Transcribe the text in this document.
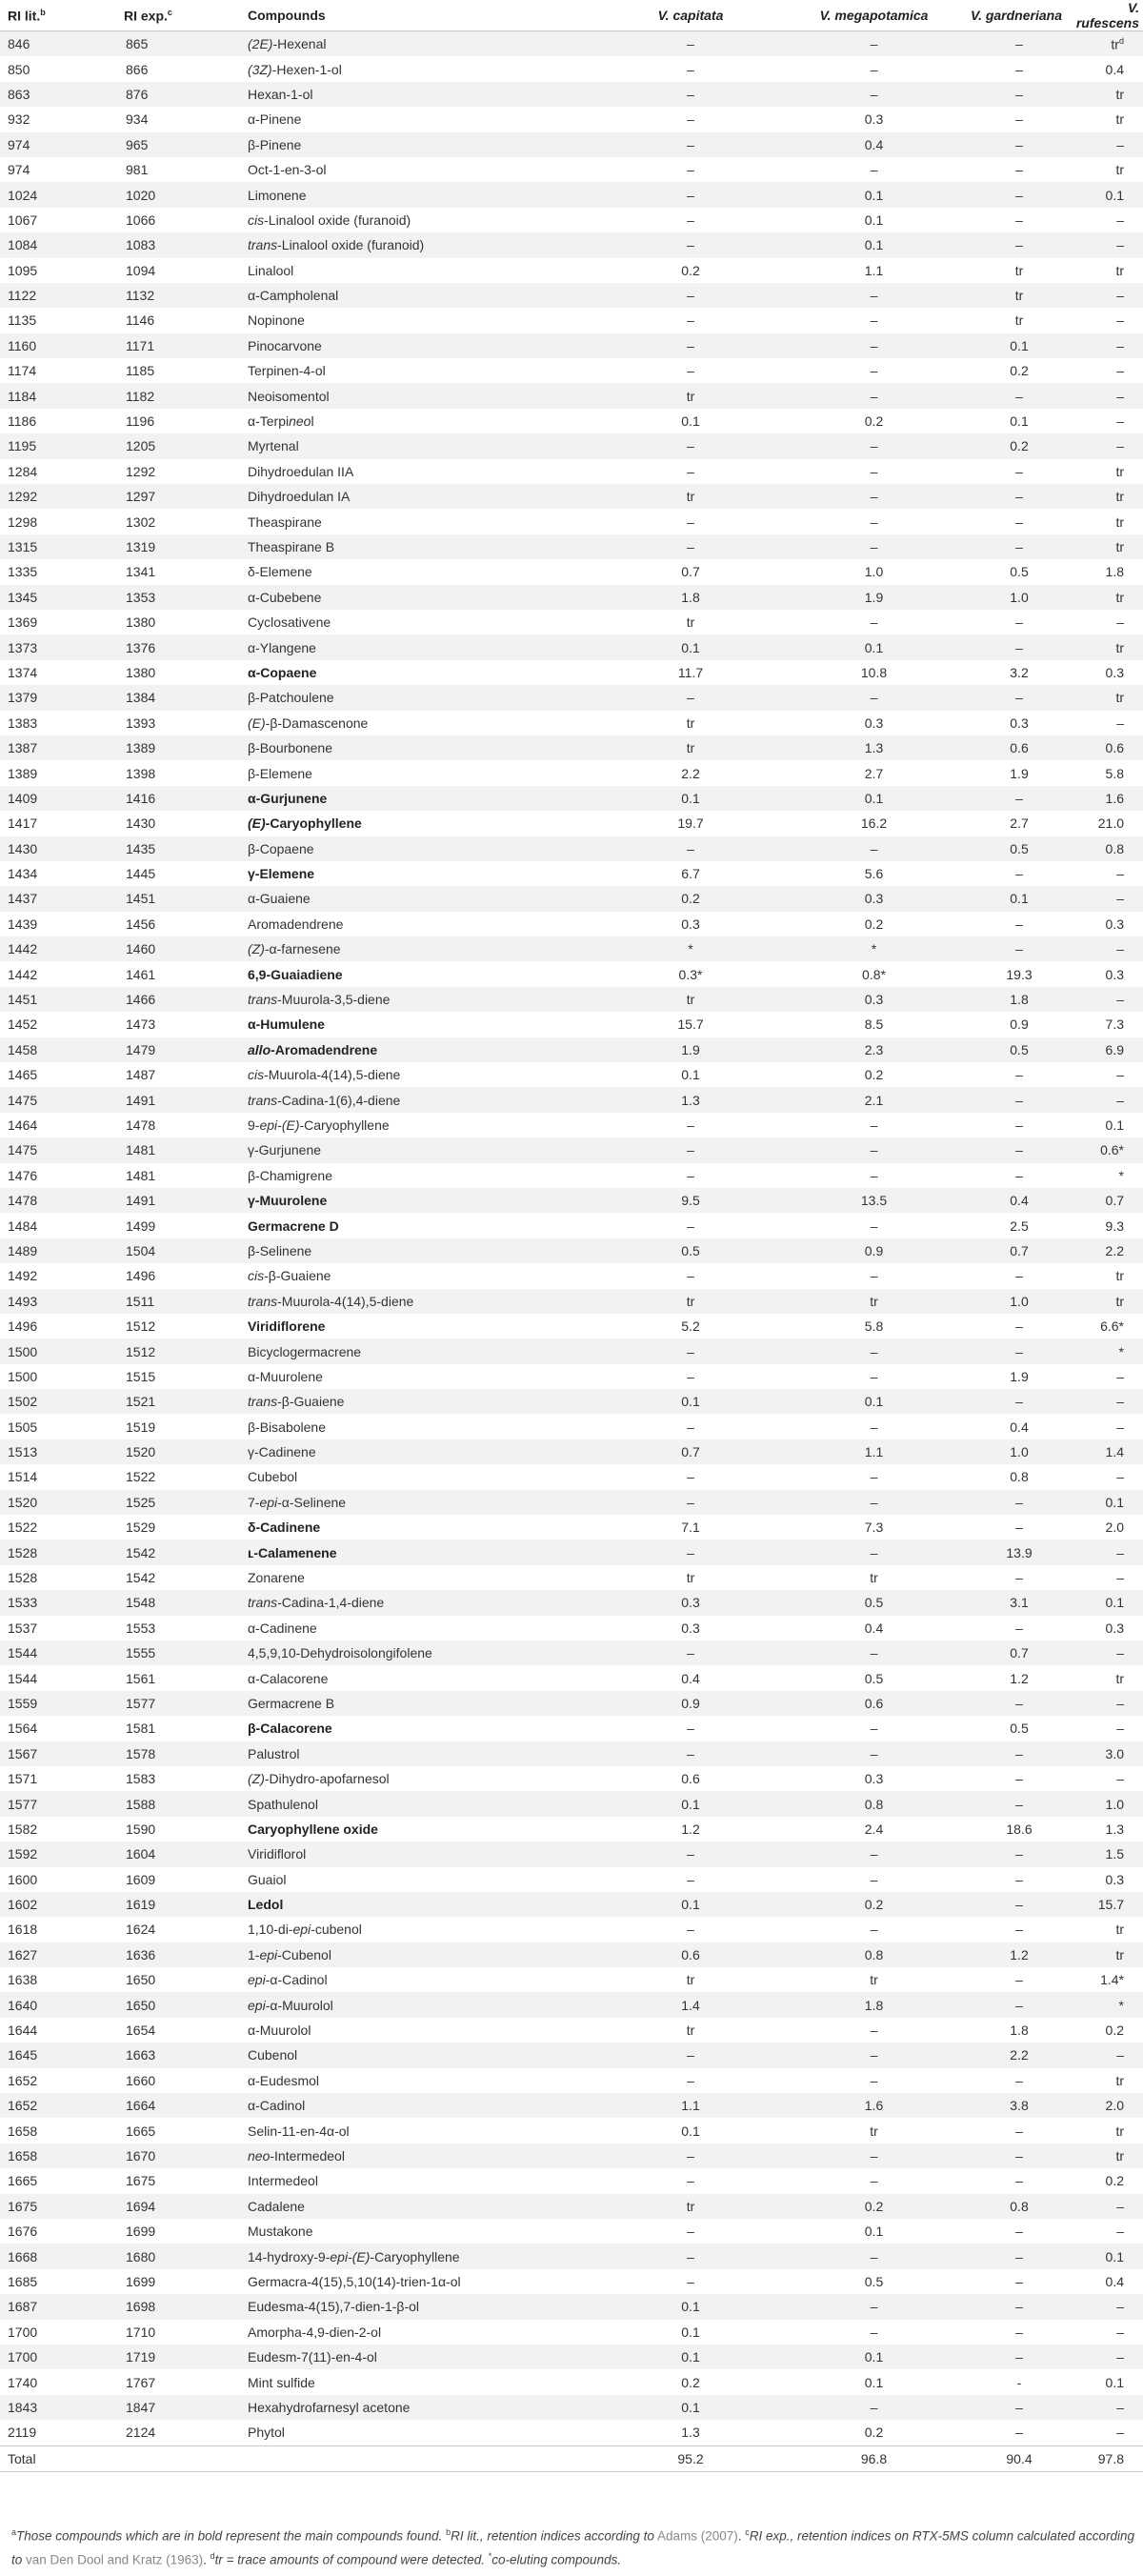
RI lit.$^b$	RI exp.$^c$	Compounds	V. capitata	V. megapotamica	V. gardneriana	V. rufescens
846	865	(2E)-Hexenal	–	–	–	$tr^d$
850	866	(3Z)-Hexen-1-ol	–	–	–	0.4
863	876	Hexan-1-ol	–	–	–	tr
932	934	α-Pinene	–	0.3	–	tr
974	965	β-Pinene	–	0.4	–	–
974	981	Oct-1-en-3-ol	–	–	–	tr
1024	1020	Limonene	–	0.1	–	0.1
1067	1066	cis-Linalool oxide (furanoid)	–	0.1	–	–
1084	1083	trans-Linalool oxide (furanoid)	–	0.1	–	–
1095	1094	Linalool	0.2	1.1	tr	tr
1122	1132	α-Campholenal	–	–	tr	–
1135	1146	Nopinone	–	–	tr	–
1160	1171	Pinocarvone	–	–	0.1	–
1174	1185	Terpinen-4-ol	–	–	0.2	–
1184	1182	Neoisomentol	tr	–	–	–
1186	1196	α-Terpineol	0.1	0.2	0.1	–
1195	1205	Myrtenal	–	–	0.2	–
1284	1292	Dihydroedulan IIA	–	–	–	tr
1292	1297	Dihydroedulan IA	tr	–	–	tr
1298	1302	Theaspirane	–	–	–	tr
1315	1319	Theaspirane B	–	–	–	tr
1335	1341	δ-Elemene	0.7	1.0	0.5	1.8
1345	1353	α-Cubebene	1.8	1.9	1.0	tr
1369	1380	Cyclosativene	tr	–	–	–
1373	1376	α-Ylangene	0.1	0.1	–	tr
1374	1380	α-Copaene	11.7	10.8	3.2	0.3
1379	1384	β-Patchoulene	–	–	–	tr
1383	1393	(E)-β-Damascenone	tr	0.3	0.3	–
1387	1389	β-Bourbonene	tr	1.3	0.6	0.6
1389	1398	β-Elemene	2.2	2.7	1.9	5.8
1409	1416	α-Gurjunene	0.1	0.1	–	1.6
1417	1430	(E)-Caryophyllene	19.7	16.2	2.7	21.0
1430	1435	β-Copaene	–	–	0.5	0.8
1434	1445	γ-Elemene	6.7	5.6	–	–
1437	1451	α-Guaiene	0.2	0.3	0.1	–
1439	1456	Aromadendrene	0.3	0.2	–	0.3
1442	1460	(Z)-α-farnesene	*	*	–	–
1442	1461	6,9-Guaiadiene	0.3*	0.8*	19.3	0.3
1451	1466	trans-Muurola-3,5-diene	tr	0.3	1.8	–
1452	1473	α-Humulene	15.7	8.5	0.9	7.3
1458	1479	allo-Aromadendrene	1.9	2.3	0.5	6.9
1465	1487	cis-Muurola-4(14),5-diene	0.1	0.2	–	–
1475	1491	trans-Cadina-1(6),4-diene	1.3	2.1	–	–
1464	1478	9-epi-(E)-Caryophyllene	–	–	–	0.1
1475	1481	γ-Gurjunene	–	–	–	0.6*
1476	1481	β-Chamigrene	–	–	–	*
1478	1491	γ-Muurolene	9.5	13.5	0.4	0.7
1484	1499	Germacrene D	–	–	2.5	9.3
1489	1504	β-Selinene	0.5	0.9	0.7	2.2
1492	1496	cis-β-Guaiene	–	–	–	tr
1493	1511	trans-Muurola-4(14),5-diene	tr	tr	1.0	tr
1496	1512	Viridiflorene	5.2	5.8	–	6.6*
1500	1512	Bicyclogermacrene	–	–	–	*
1500	1515	α-Muurolene	–	–	1.9	–
1502	1521	trans-β-Guaiene	0.1	0.1	–	–
1505	1519	β-Bisabolene	–	–	0.4	–
1513	1520	γ-Cadinene	0.7	1.1	1.0	1.4
1514	1522	Cubebol	–	–	0.8	–
1520	1525	7-epi-α-Selinene	–	–	–	0.1
1522	1529	δ-Cadinene	7.1	7.3	–	2.0
1528	1542	ʟ-Calamenene	–	–	13.9	–
1528	1542	Zonarene	tr	tr	–	–
1533	1548	trans-Cadina-1,4-diene	0.3	0.5	3.1	0.1
1537	1553	α-Cadinene	0.3	0.4	–	0.3
1544	1555	4,5,9,10-Dehydroisolongifolene	–	–	0.7	–
1544	1561	α-Calacorene	0.4	0.5	1.2	tr
1559	1577	Germacrene B	0.9	0.6	–	–
1564	1581	β-Calacorene	–	–	0.5	–
1567	1578	Palustrol	–	–	–	3.0
1571	1583	(Z)-Dihydro-apofarnesol	0.6	0.3	–	–
1577	1588	Spathulenol	0.1	0.8	–	1.0
1582	1590	Caryophyllene oxide	1.2	2.4	18.6	1.3
1592	1604	Viridiflorol	–	–	–	1.5
1600	1609	Guaiol	–	–	–	0.3
1602	1619	Ledol	0.1	0.2	–	15.7
1618	1624	1,10-di-epi-cubenol	–	–	–	tr
1627	1636	1-epi-Cubenol	0.6	0.8	1.2	tr
1638	1650	epi-α-Cadinol	tr	tr	–	1.4*
1640	1650	epi-α-Muurolol	1.4	1.8	–	*
1644	1654	α-Muurolol	tr	–	1.8	0.2
1645	1663	Cubenol	–	–	2.2	–
1652	1660	α-Eudesmol	–	–	–	tr
1652	1664	α-Cadinol	1.1	1.6	3.8	2.0
1658	1665	Selin-11-en-4α-ol	0.1	tr	–	tr
1658	1670	neo-Intermedeol	–	–	–	tr
1665	1675	Intermedeol	–	–	–	0.2
1675	1694	Cadalene	tr	0.2	0.8	–
1676	1699	Mustakone	–	0.1	–	–
1668	1680	14-hydroxy-9-epi-(E)-Caryophyllene	–	–	–	0.1
1685	1699	Germacra-4(15),5,10(14)-trien-1α-ol	–	0.5	–	0.4
1687	1698	Eudesma-4(15),7-dien-1-β-ol	0.1	–	–	–
1700	1710	Amorpha-4,9-dien-2-ol	0.1	–	–	–
1700	1719	Eudesm-7(11)-en-4-ol	0.1	0.1	–	–
1740	1767	Mint sulfide	0.2	0.1	-	0.1
1843	1847	Hexahydrofarnesyl acetone	0.1	–	–	–
2119	2124	Phytol	1.3	0.2	–	–
Total			95.2	96.8	90.4	97.8
$^a$Those compounds which are in bold represent the main compounds found. $^b$RI lit., retention indices according to Adams (2007). $^c$RI exp., retention indices on RTX-5MS column calculated according to van Den Dool and Kratz (1963). $^d$tr = trace amounts of compound were detected. *co-eluting compounds.
